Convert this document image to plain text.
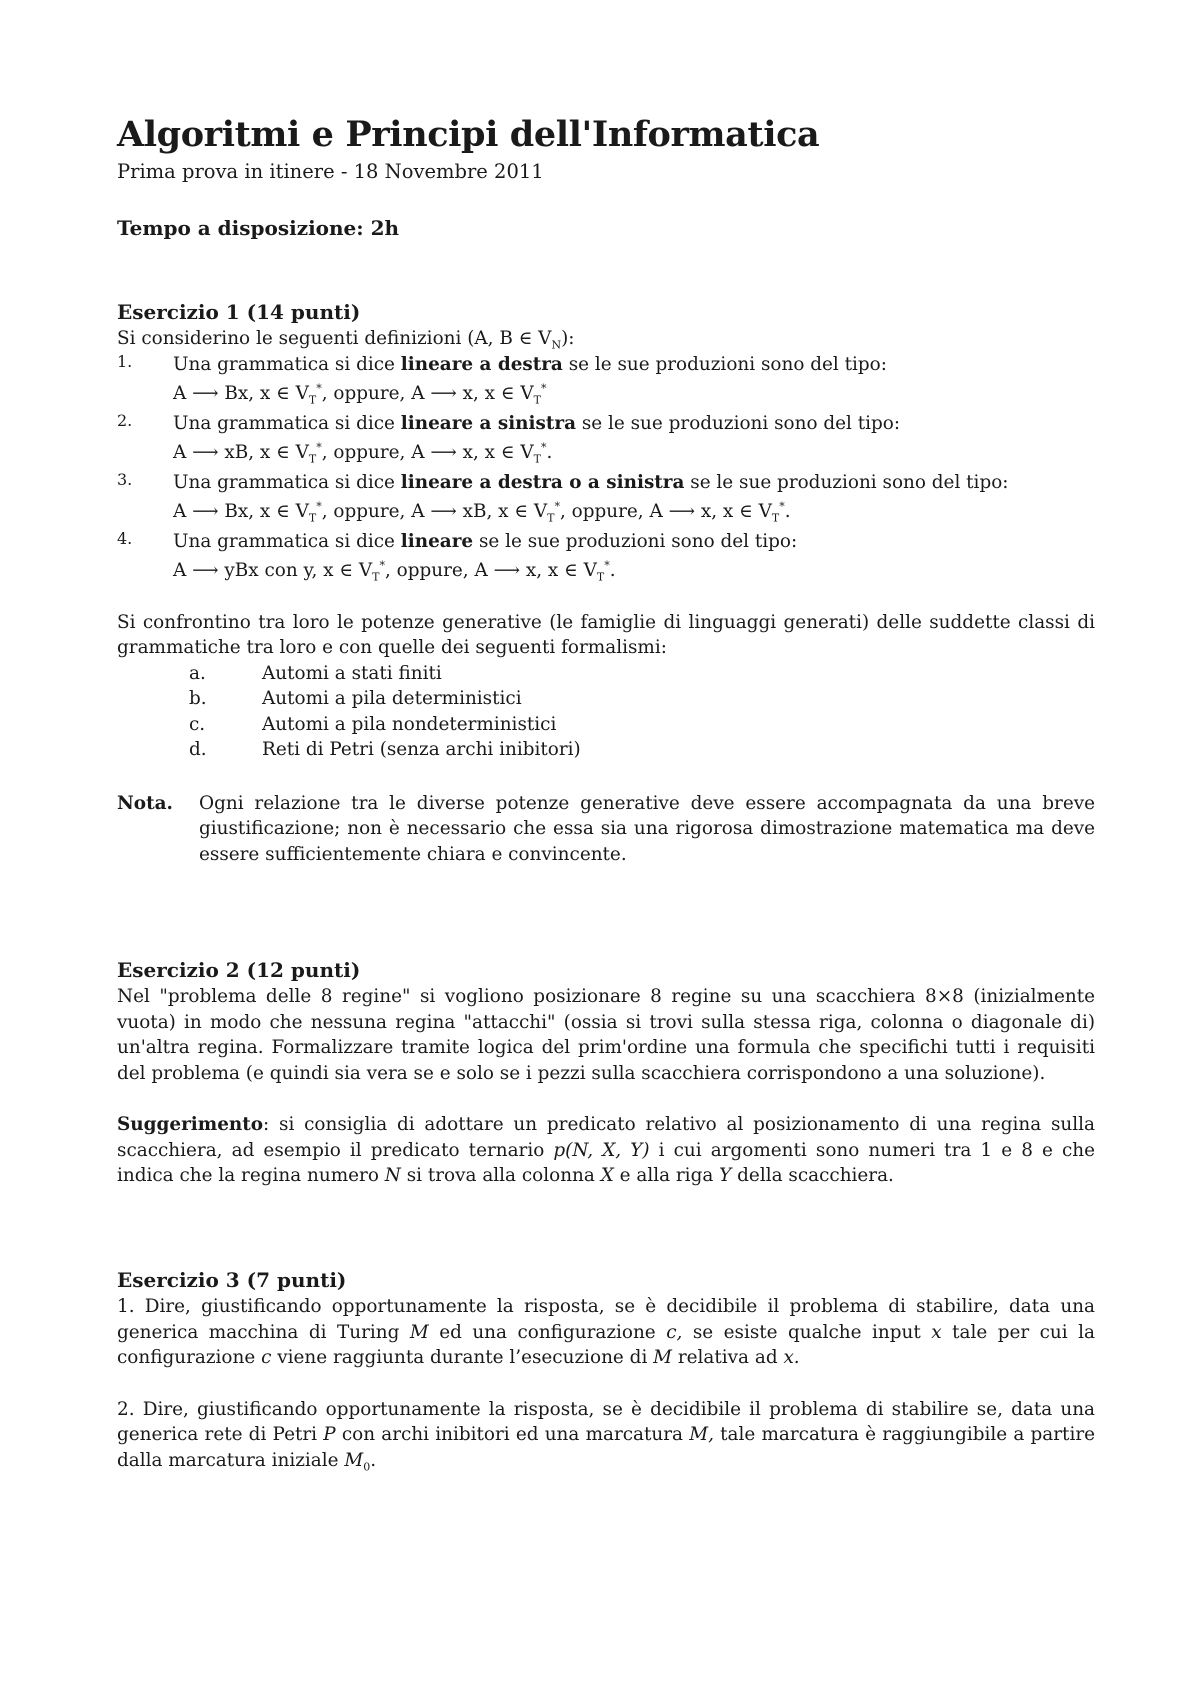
Algoritmi e Principi dell'Informatica
Prima prova in itinere - 18 Novembre 2011
Tempo a disposizione: 2h
Esercizio 1 (14 punti)

Si considerino le seguenti definizioni (A, B ∈ $V_N$):

1. Una grammatica si dice lineare a destra se le sue produzioni sono del tipo:

A ⟶ Bx, x ∈ $V_T^*$, oppure, A ⟶ x, x ∈ $V_T^*$

2. Una grammatica si dice lineare a sinistra se le sue produzioni sono del tipo:

A ⟶ xB, x ∈ $V_T^*$, oppure, A ⟶ x, x ∈ $V_T^*$.

3. Una grammatica si dice lineare a destra o a sinistra se le sue produzioni sono del tipo:

A ⟶ Bx, x ∈ $V_T^*$, oppure, A ⟶ xB, x ∈ $V_T^*$, oppure, A ⟶ x, x ∈ $V_T^*$.

4. Una grammatica si dice lineare se le sue produzioni sono del tipo:

A ⟶ yBx con y, x ∈ $V_T^*$, oppure, A ⟶ x, x ∈ $V_T^*$.

Si confrontino tra loro le potenze generative (le famiglie di linguaggi generati) delle suddette classi di grammatiche tra loro e con quelle dei seguenti formalismi:

a.	Automi a stati finiti
b.	Automi a pila deterministici
c.	Automi a pila nondeterministici
d.	Reti di Petri (senza archi inibitori)
Nota. Ogni relazione tra le diverse potenze generative deve essere accompagnata da una breve giustificazione; non è necessario che essa sia una rigorosa dimostrazione matematica ma deve essere sufficientemente chiara e convincente.

Esercizio 2 (12 punti)

Nel "problema delle 8 regine" si vogliono posizionare 8 regine su una scacchiera 8×8 (inizialmente vuota) in modo che nessuna regina "attacchi" (ossia si trovi sulla stessa riga, colonna o diagonale di) un'altra regina. Formalizzare tramite logica del prim'ordine una formula che specifichi tutti i requisiti del problema (e quindi sia vera se e solo se i pezzi sulla scacchiera corrispondono a una soluzione).

Suggerimento: si consiglia di adottare un predicato relativo al posizionamento di una regina sulla scacchiera, ad esempio il predicato ternario p(N, X, Y) i cui argomenti sono numeri tra 1 e 8 e che indica che la regina numero N si trova alla colonna X e alla riga Y della scacchiera.

Esercizio 3 (7 punti)

1. Dire, giustificando opportunamente la risposta, se è decidibile il problema di stabilire, data una generica macchina di Turing M ed una configurazione c, se esiste qualche input x tale per cui la configurazione c viene raggiunta durante l’esecuzione di M relativa ad x.

2. Dire, giustificando opportunamente la risposta, se è decidibile il problema di stabilire se, data una generica rete di Petri P con archi inibitori ed una marcatura M, tale marcatura è raggiungibile a partire dalla marcatura iniziale $M_0$.
